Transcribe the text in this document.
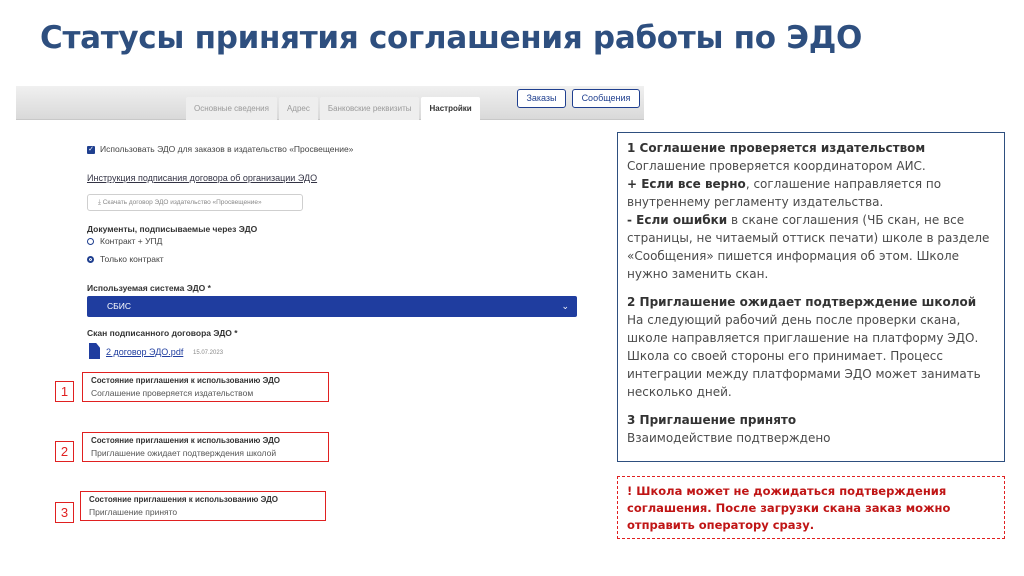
Статусы принятия соглашения работы по ЭДО
Основные сведения	Адрес	Банковские реквизиты	Настройки
Заказы	Сообщения
✓ Использовать ЭДО для заказов в издательство «Просвещение»
Инструкция подписания договора об организации ЭДО
⤓ Скачать договор ЭДО издательство «Просвещение»
Документы, подписываемые через ЭДО
Контракт + УПД
Только контракт
Используемая система ЭДО *
СБИС	⌄
Скан подписанного договора ЭДО *
2 договор ЭДО.pdf 15.07.2023
1
Состояние приглашения к использованию ЭДО
Соглашение проверяется издательством
2
Состояние приглашения к использованию ЭДО
Приглашение ожидает подтверждения школой
3
Состояние приглашения к использованию ЭДО
Приглашение принято
1 Соглашение проверяется издательством
Соглашение проверяется координатором АИС.
+ Если все верно, соглашение направляется по внутреннему регламенту издательства.
- Если ошибки в скане соглашения (ЧБ скан, не все страницы, не читаемый оттиск печати) школе в разделе «Сообщения» пишется информация об этом. Школе нужно заменить скан.
2 Приглашение ожидает подтверждение школой
На следующий рабочий день после проверки скана, школе направляется приглашение на платформу ЭДО. Школа со своей стороны его принимает. Процесс интеграции между платформами ЭДО может занимать несколько дней.
3 Приглашение принято
Взаимодействие подтверждено
! Школа может не дожидаться подтверждения соглашения. После загрузки скана заказ можно отправить оператору сразу.
